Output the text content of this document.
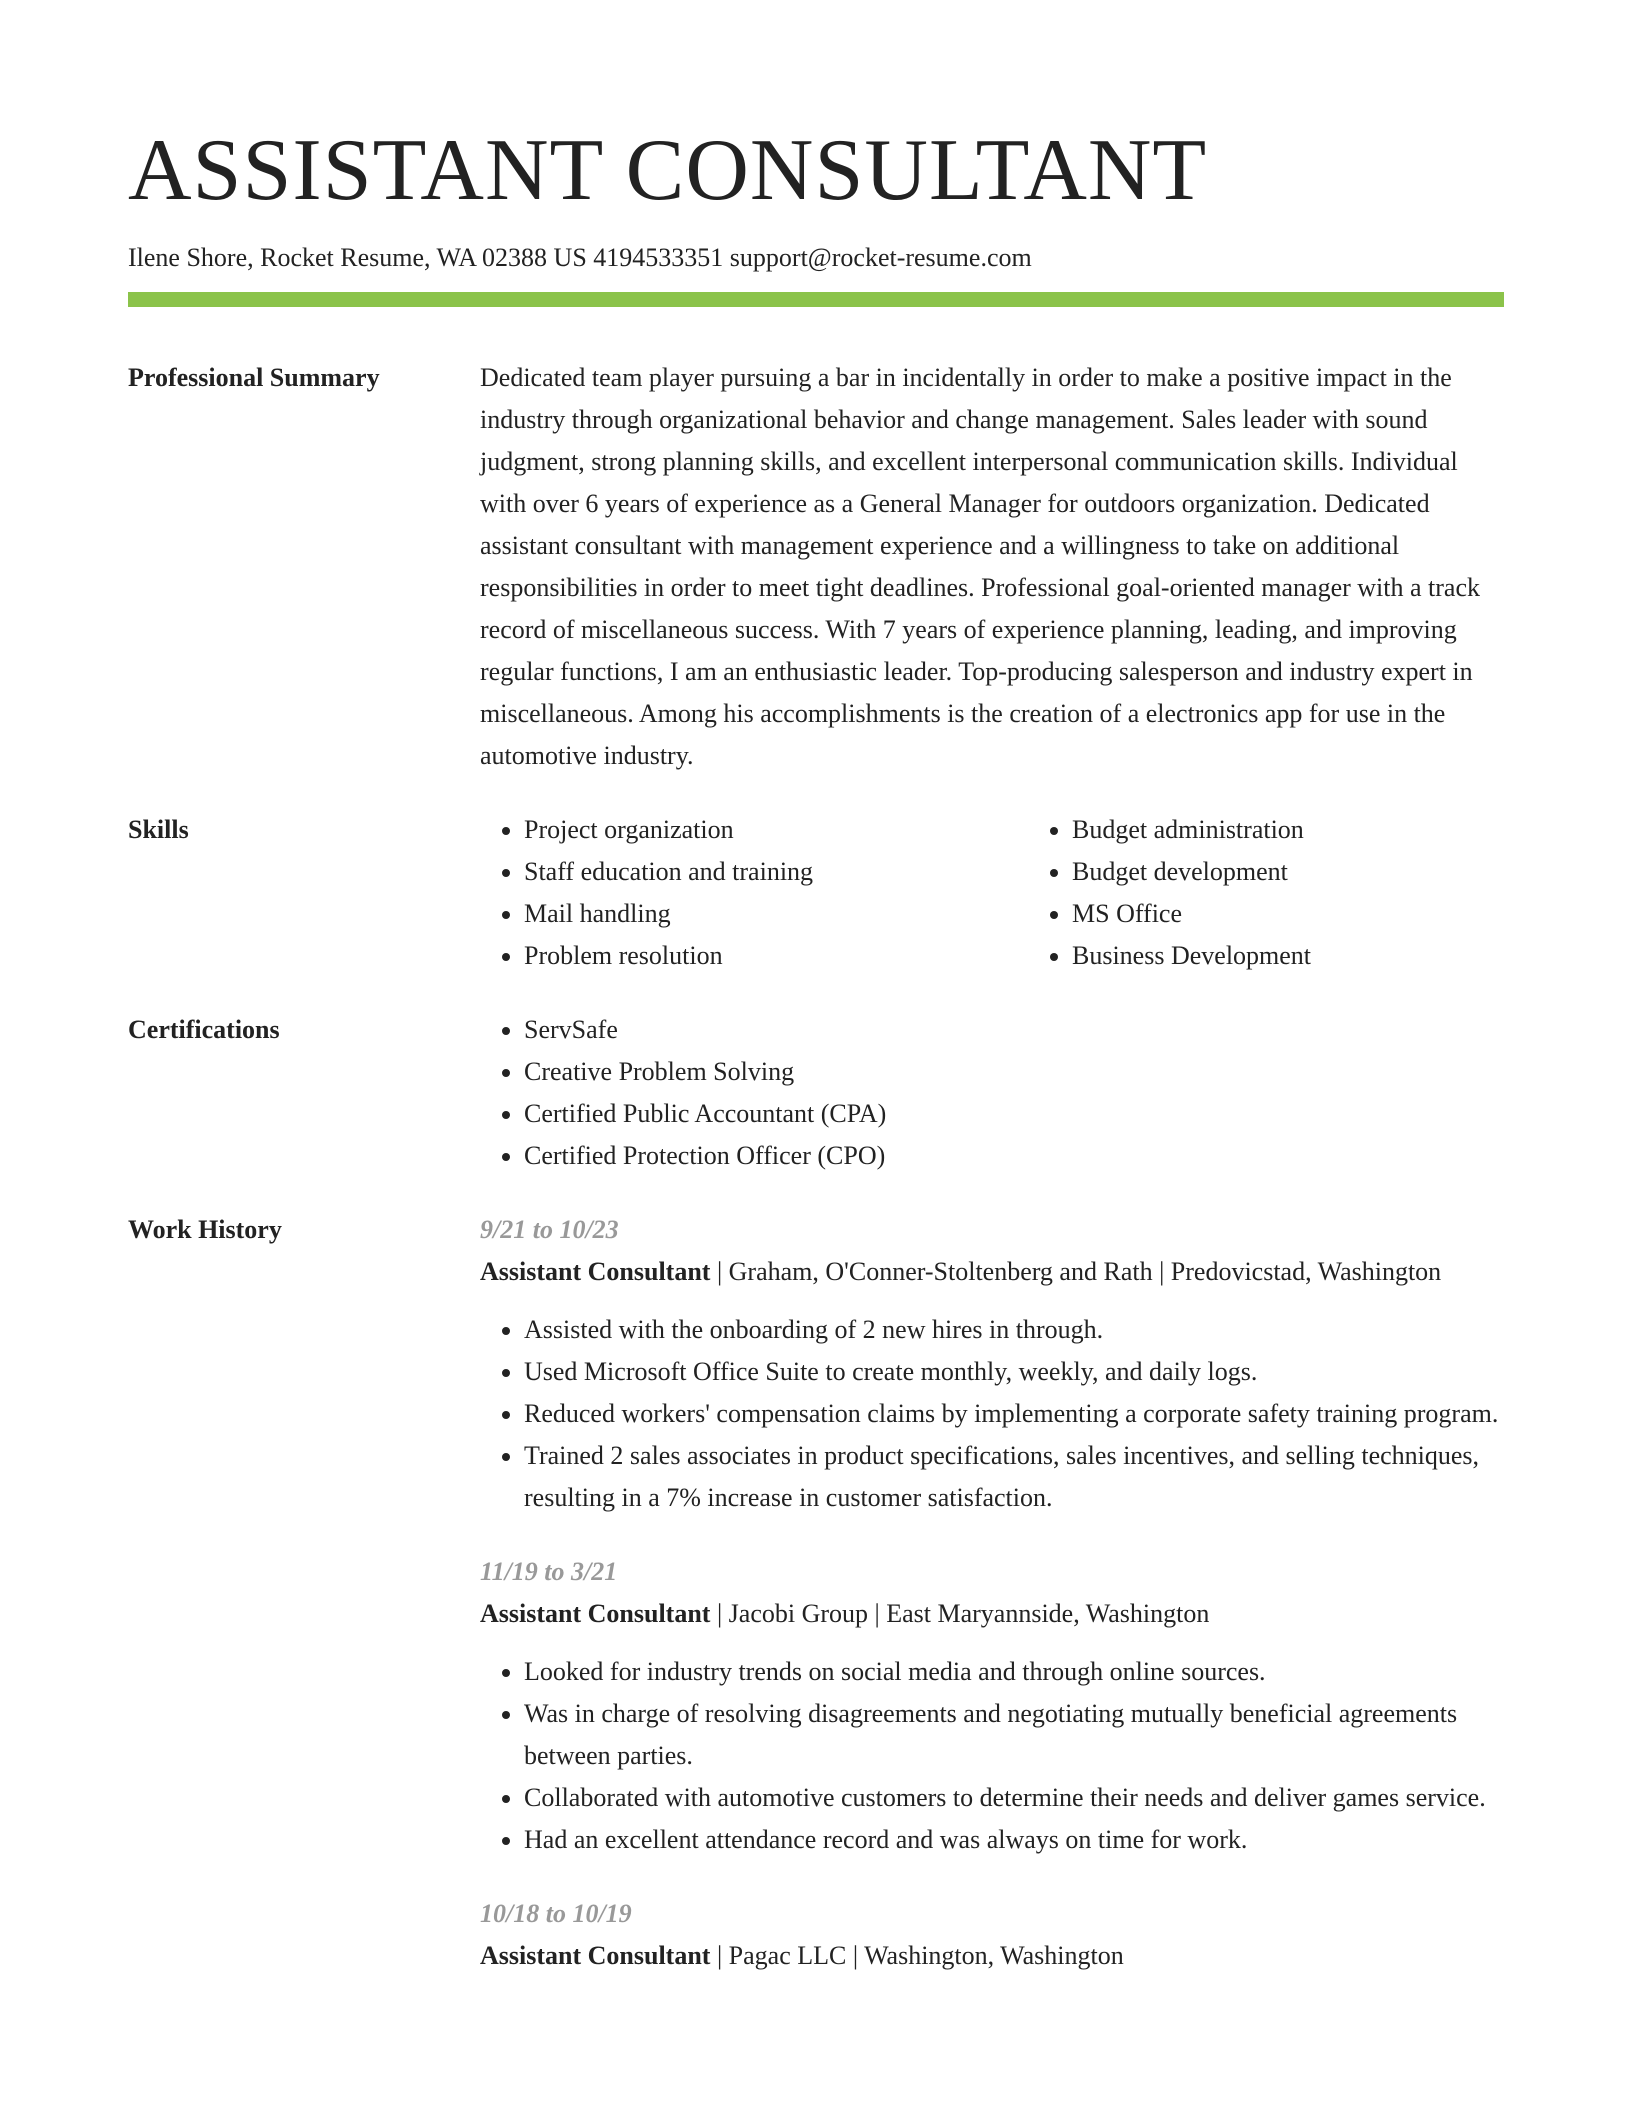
ASSISTANT CONSULTANT
Ilene Shore, Rocket Resume, WA 02388 US 4194533351 support@rocket-resume.com
Professional Summary	Dedicated team player pursuing a bar in incidentally in order to make a positive impact in the industry through organizational behavior and change management. Sales leader with sound judgment, strong planning skills, and excellent interpersonal communication skills. Individual with over 6 years of experience as a General Manager for outdoors organization. Dedicated assistant consultant with management experience and a willingness to take on additional responsibilities in order to meet tight deadlines. Professional goal-oriented manager with a track record of miscellaneous success. With 7 years of experience planning, leading, and improving regular functions, I am an enthusiastic leader. Top-producing salesperson and industry expert in miscellaneous. Among his accomplishments is the creation of a electronics app for use in the automotive industry.

Skills	• Project organization
• Staff education and training
• Mail handling
• Problem resolution
• Budget administration
• Budget development
• MS Office
• Business Development
Certifications	• ServSafe
• Creative Problem Solving
• Certified Public Accountant (CPA)
• Certified Protection Officer (CPO)
Work History	9/21 to 10/23
Assistant Consultant | Graham, O'Conner-Stoltenberg and Rath | Predovicstad, Washington
• Assisted with the onboarding of 2 new hires in through.
• Used Microsoft Office Suite to create monthly, weekly, and daily logs.
• Reduced workers' compensation claims by implementing a corporate safety training program.
• Trained 2 sales associates in product specifications, sales incentives, and selling techniques, resulting in a 7% increase in customer satisfaction.
11/19 to 3/21
Assistant Consultant | Jacobi Group | East Maryannside, Washington
• Looked for industry trends on social media and through online sources.
• Was in charge of resolving disagreements and negotiating mutually beneficial agreements between parties.
• Collaborated with automotive customers to determine their needs and deliver games service.
• Had an excellent attendance record and was always on time for work.
10/18 to 10/19
Assistant Consultant | Pagac LLC | Washington, Washington
